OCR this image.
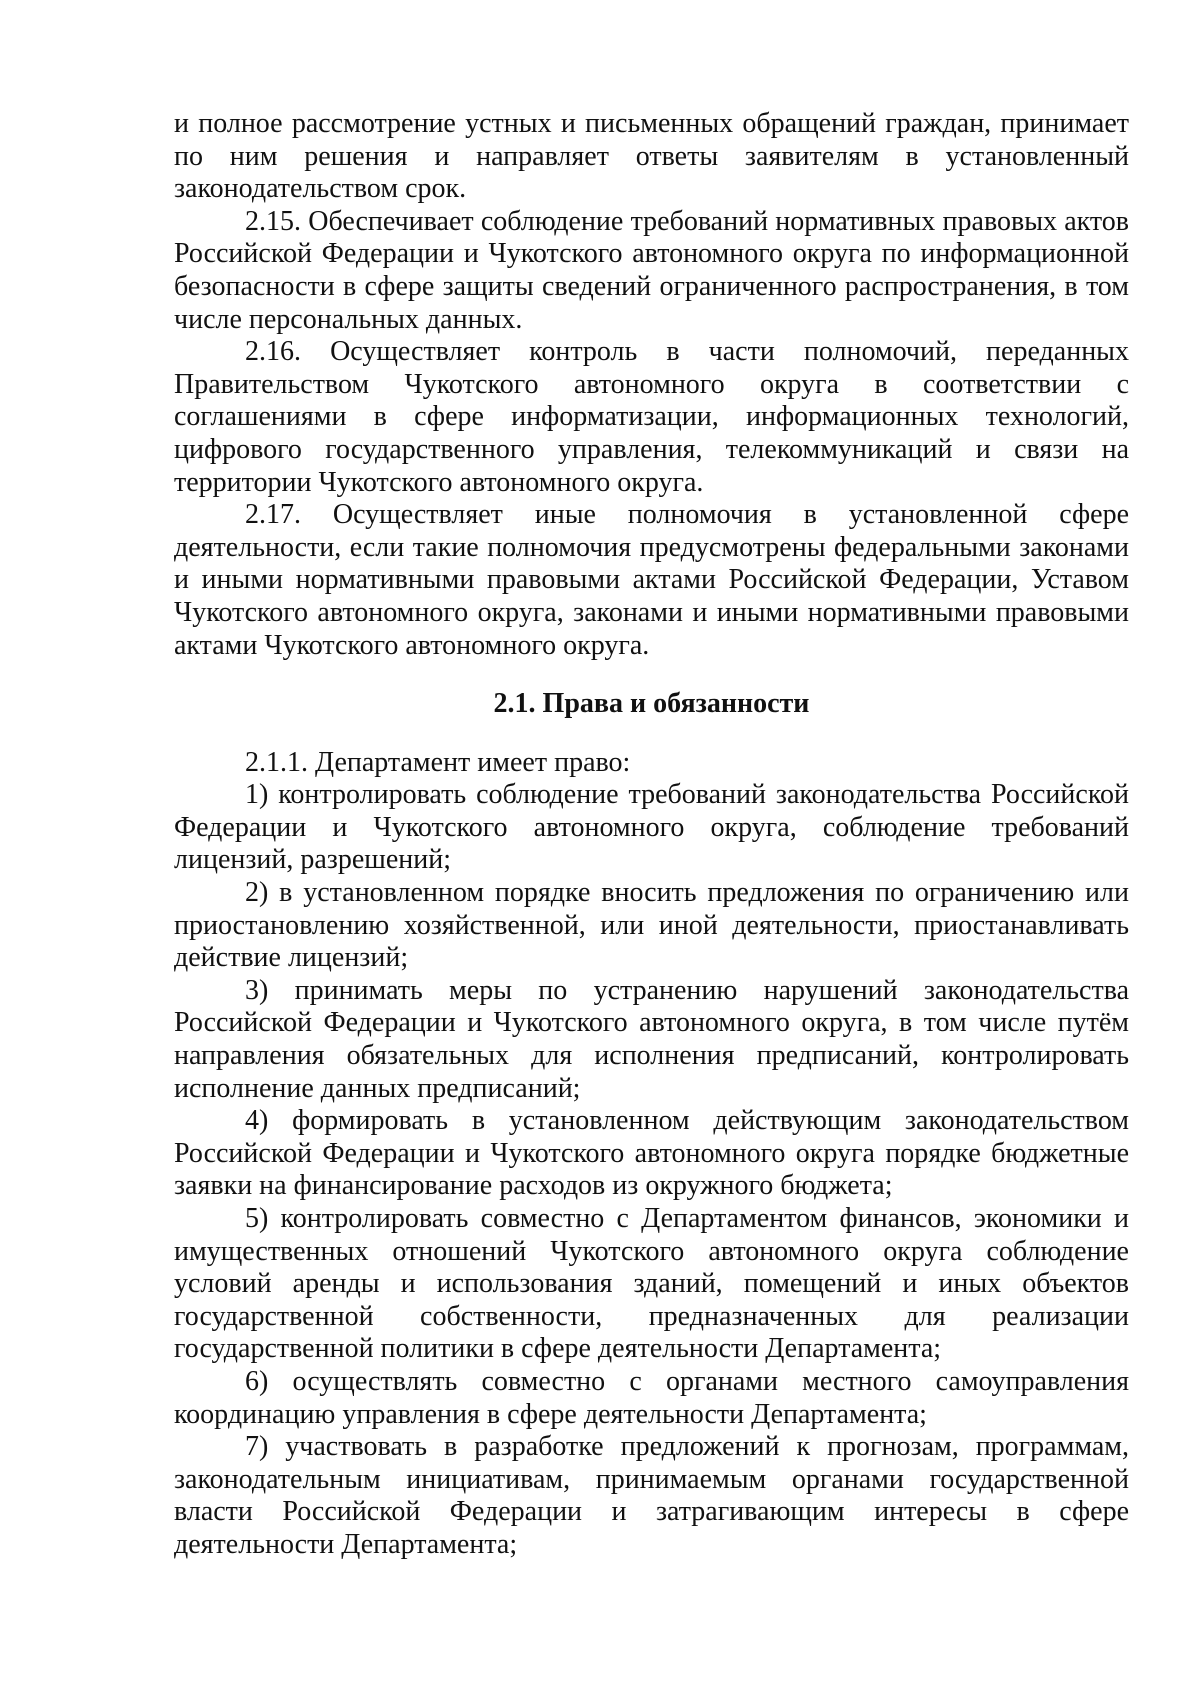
и полное рассмотрение устных и письменных обращений граждан, принимает по ним решения и направляет ответы заявителям в установленный законодательством срок.

2.15. Обеспечивает соблюдение требований нормативных правовых актов Российской Федерации и Чукотского автономного округа по информационной безопасности в сфере защиты сведений ограниченного распространения, в том числе персональных данных.

2.16. Осуществляет контроль в части полномочий, переданных Правительством Чукотского автономного округа в соответствии с соглашениями в сфере информатизации, информационных технологий, цифрового государственного управления, телекоммуникаций и связи на территории Чукотского автономного округа.

2.17. Осуществляет иные полномочия в установленной сфере деятельности, если такие полномочия предусмотрены федеральными законами и иными нормативными правовыми актами Российской Федерации, Уставом Чукотского автономного округа, законами и иными нормативными правовыми актами Чукотского автономного округа.

2.1. Права и обязанности

2.1.1. Департамент имеет право:

1) контролировать соблюдение требований законодательства Российской Федерации и Чукотского автономного округа, соблюдение требований лицензий, разрешений;

2) в установленном порядке вносить предложения по ограничению или приостановлению хозяйственной, или иной деятельности, приостанавливать действие лицензий;

3) принимать меры по устранению нарушений законодательства Российской Федерации и Чукотского автономного округа, в том числе путём направления обязательных для исполнения предписаний, контролировать исполнение данных предписаний;

4) формировать в установленном действующим законодательством Российской Федерации и Чукотского автономного округа порядке бюджетные заявки на финансирование расходов из окружного бюджета;

5) контролировать совместно с Департаментом финансов, экономики и имущественных отношений Чукотского автономного округа соблюдение условий аренды и использования зданий, помещений и иных объектов государственной собственности, предназначенных для реализации государственной политики в сфере деятельности Департамента;

6) осуществлять совместно с органами местного самоуправления координацию управления в сфере деятельности Департамента;

7) участвовать в разработке предложений к прогнозам, программам, законодательным инициативам, принимаемым органами государственной власти Российской Федерации и затрагивающим интересы в сфере деятельности Департамента;
